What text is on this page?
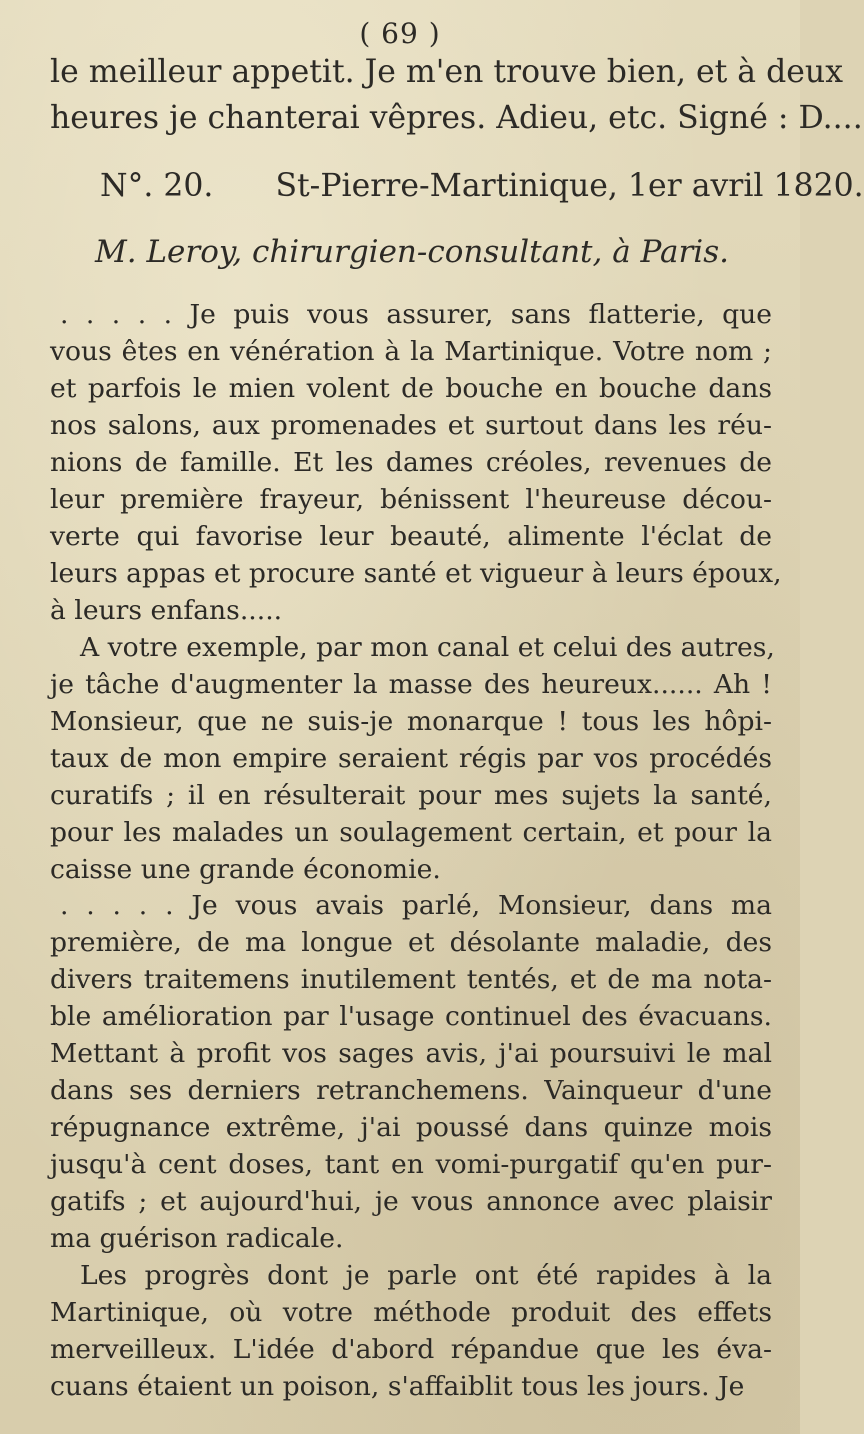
( 69 )

le meilleur appetit. Je m'en trouve bien, et à deux

heures je chanterai vêpres. Adieu, etc. Signé : D....

N°. 20. St-Pierre-Martinique, 1er avril 1820.

M. Leroy, chirurgien-consultant, à Paris.

. . . . . Je puis vous assurer, sans flatterie, que

vous êtes en vénération à la Martinique. Votre nom ;

et parfois le mien volent de bouche en bouche dans

nos salons, aux promenades et surtout dans les réu-

nions de famille. Et les dames créoles, revenues de

leur première frayeur, bénissent l'heureuse décou-

verte qui favorise leur beauté, alimente l'éclat de

leurs appas et procure santé et vigueur à leurs époux,

à leurs enfans.....

A votre exemple, par mon canal et celui des autres,

je tâche d'augmenter la masse des heureux...... Ah !

Monsieur, que ne suis-je monarque ! tous les hôpi-

taux de mon empire seraient régis par vos procédés

curatifs ; il en résulterait pour mes sujets la santé,

pour les malades un soulagement certain, et pour la

caisse une grande économie.

. . . . . Je vous avais parlé, Monsieur, dans ma

première, de ma longue et désolante maladie, des

divers traitemens inutilement tentés, et de ma nota-

ble amélioration par l'usage continuel des évacuans.

Mettant à profit vos sages avis, j'ai poursuivi le mal

dans ses derniers retranchemens. Vainqueur d'une

répugnance extrême, j'ai poussé dans quinze mois

jusqu'à cent doses, tant en vomi-purgatif qu'en pur-

gatifs ; et aujourd'hui, je vous annonce avec plaisir

ma guérison radicale.

Les progrès dont je parle ont été rapides à la

Martinique, où votre méthode produit des effets

merveilleux. L'idée d'abord répandue que les éva-

cuans étaient un poison, s'affaiblit tous les jours. Je
